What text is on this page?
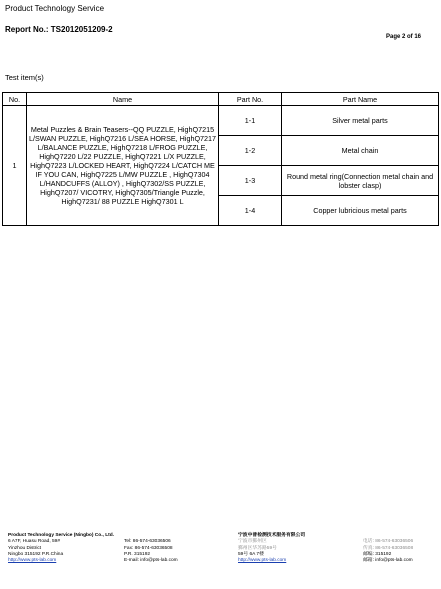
Product Technology Service
Report No.: TS2012051209-2
Page 2 of 16
Test item(s)
No.	Name	Part No.	Part Name
1	Metal Puzzles & Brain Teasers--QQ PUZZLE, HighQ7215 L/SWAN PUZZLE, HighQ7216 L/SEA HORSE, HighQ7217 L/BALANCE PUZZLE, HighQ7218 L/FROG PUZZLE, HighQ7220 L/22 PUZZLE, HighQ7221 L/X PUZZLE, HighQ7223 L/LOCKED HEART, HighQ7224 L/CATCH ME IF YOU CAN, HighQ7225 L/MW PUZZLE , HighQ7304 L/HANDCUFFS (ALLOY) , HighQ7302/SS PUZZLE, HighQ7207/ VICOTRY, HighQ7305/Triangle Puzzle, HighQ7231/ 88 PUZZLE HighQ7301 L	1-1	Silver metal parts
		1-2	Metal chain
		1-3	Round metal ring(Connection metal chain and lobster clasp)
		1-4	Copper lubricious metal parts
Product Technology Service (Ningbo) Co., Ltd.
6 A7F, Huasu Road, 59#
Yinzhou District
Ningbo 315192 P.R.China
http://www.pts-lab.com

Tel: 86-574-63036506
Fax: 86-574-63036508
P.R. 315192
E-mail: info@pts-lab.com
宁波中普检测技术服务有限公司
宁波市鄞州区
鄞州区华苏路59号
59号 6A 7楼
http://www.pts-lab.com

电话: 86-574-63036506
传真: 86-574-63036508
邮编: 315192
邮箱: info@pts-lab.com
